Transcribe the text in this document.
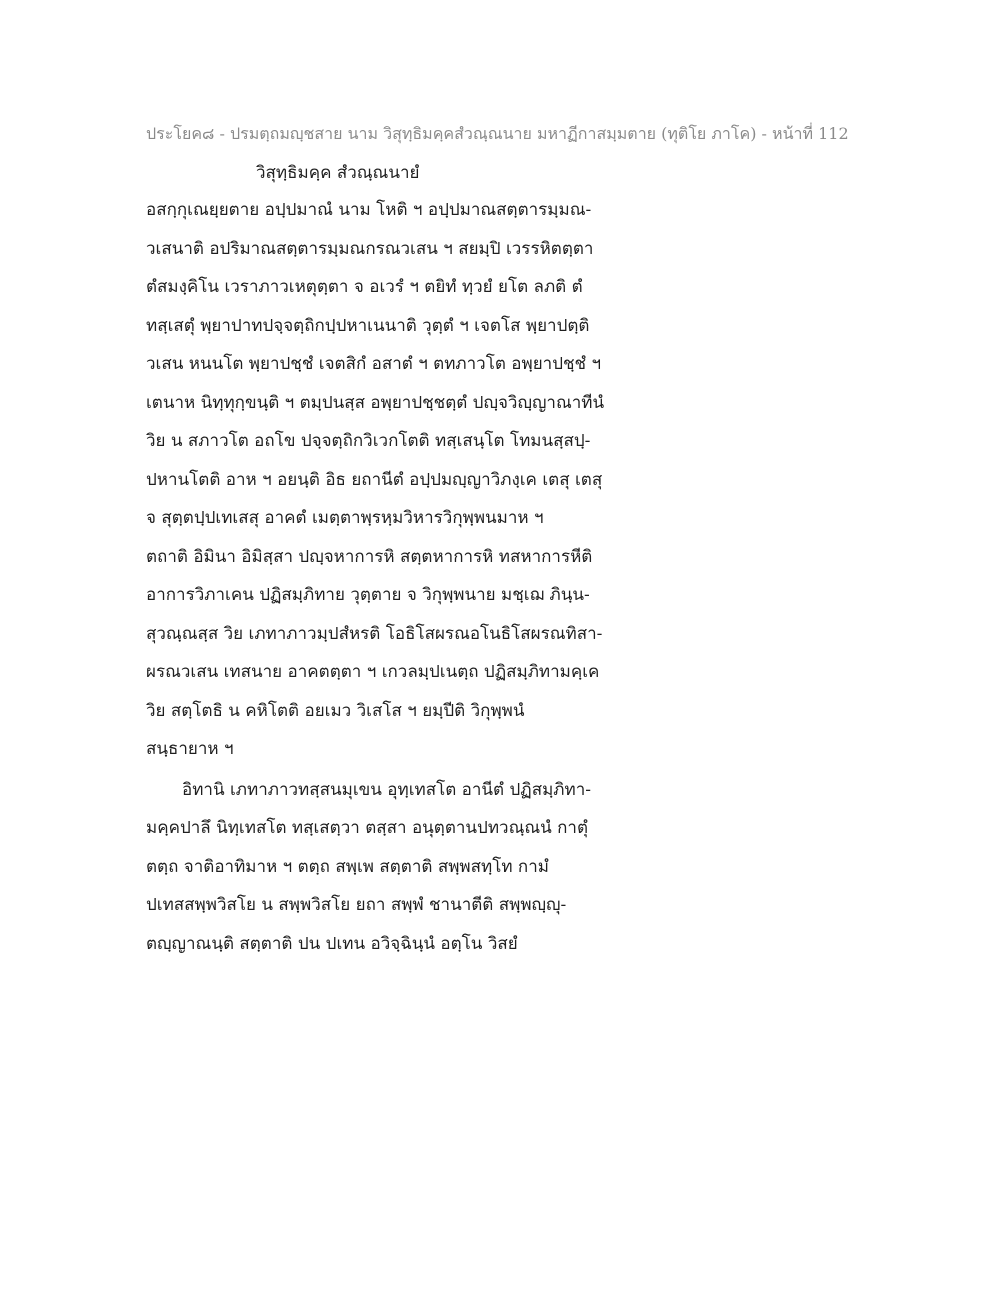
ประโยค๘ - ปรมตฺถมญฺชสาย นาม วิสุทฺธิมคฺคสํวณฺณนาย มหาฏีกาสมฺมตาย (ทุติโย ภาโค) - หน้าที่ 112
วิสุทฺธิมคฺค สํวณฺณนายํ
อสกฺกุเณยฺยตาย อปฺปมาณํ นาม โหติ ฯ อปฺปมาณสตฺตารมฺมณ-
วเสนาติ อปริมาณสตฺตารมฺมณกรณวเสน ฯ สยมฺปิ เวรรหิตตฺตา
ตํสมงฺคิโน เวราภาวเหตุตฺตา จ อเวรํ ฯ ตยิทํ ทฺวยํ ยโต ลภติ ตํ
ทสฺเสตุํ พฺยาปาทปจฺจตฺถิกปฺปหาเนนาติ วุตฺตํ ฯ เจตโส พฺยาปตฺติ
วเสน หนนโต พฺยาปชฺชํ เจตสิกํ อสาตํ ฯ ตทภาวโต อพฺยาปชฺชํ ฯ
เตนาห นิทฺทุกฺขนฺติ ฯ ตมฺปนสฺส อพฺยาปชฺชตฺตํ ปญฺจวิญฺญาณาทีนํ
วิย น สภาวโต อถโข ปจฺจตฺถิกวิเวกโตติ ทสฺเสนฺโต โทมนสฺสปฺ-
ปหานโตติ อาห ฯ อยนฺติ อิธ ยถานีตํ อปฺปมญฺญาวิภงฺเค เตสุ เตสุ
จ สุตฺตปฺปเทเสสุ อาคตํ เมตฺตาพฺรหฺมวิหารวิกุพฺพนมาห ฯ
ตถาติ อิมินา อิมิสฺสา ปญฺจหาการหิ สตฺตหาการหิ ทสหาการหีติ
อาการวิภาเคน ปฏิสมฺภิทาย วุตฺตาย จ วิกุพฺพนาย มชฺเฌ ภินฺน-
สุวณฺณสฺส วิย เภทาภาวมฺปสํหรติ โอธิโสผรณอโนธิโสผรณทิสา-
ผรณวเสน เทสนาย อาคตตฺตา ฯ เกวลมฺปเนตฺถ ปฏิสมฺภิทามคฺเค
วิย สตฺโตธิ น คหิโตติ อยเมว วิเสโส ฯ ยมฺปีติ วิกุพฺพนํ
สนฺธายาห ฯ
อิทานิ เภทาภาวทสฺสนมุเขน อุทฺเทสโต อานีตํ ปฏิสมฺภิทา-
มคฺคปาลึ นิทฺเทสโต ทสฺเสตฺวา ตสฺสา อนุตฺตานปทวณฺณนํ กาตุํ
ตตฺถ จาติอาทิมาห ฯ ตตฺถ สพฺเพ สตฺตาติ สพฺพสทฺโท กามํ
ปเทสสพฺพวิสโย น สพฺพวิสโย ยถา สพฺพํ ชานาตีติ สพฺพญฺญุ-
ตญฺญาณนฺติ สตฺตาติ ปน ปเทน อวิจฺฉินฺนํ อตฺโน วิสยํ
